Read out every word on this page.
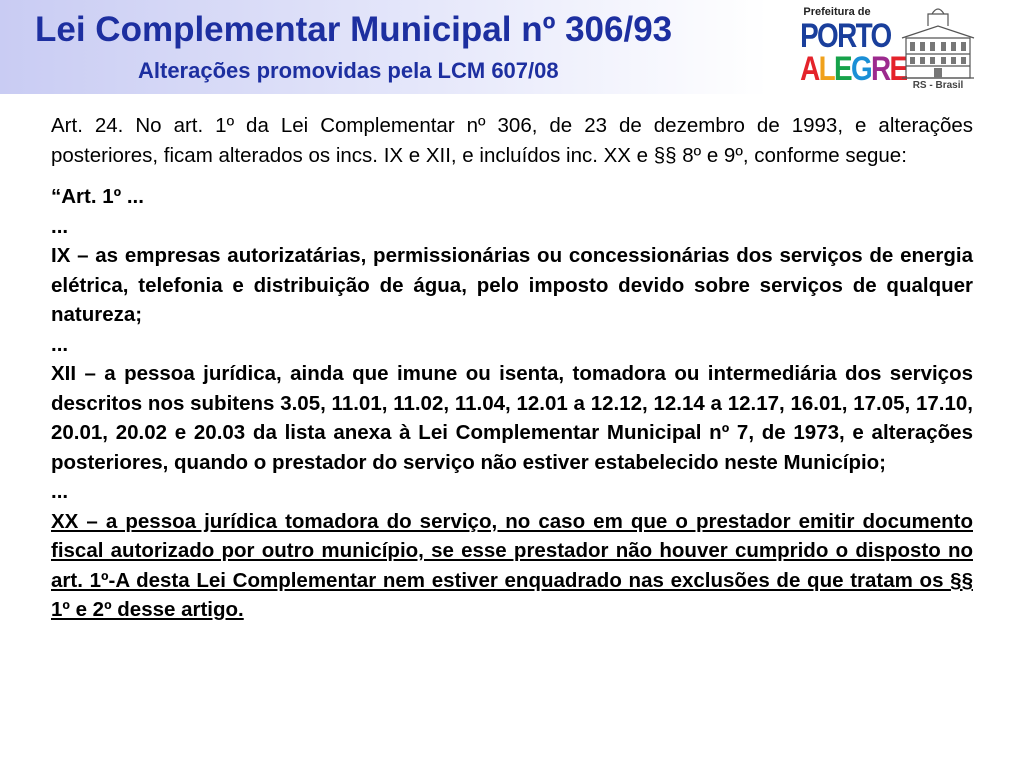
Lei Complementar Municipal nº 306/93
Alterações promovidas pela LCM 607/08
Prefeitura de
PORTO
ALEGRE RS - Brasil

Art. 24. No art. 1º da Lei Complementar nº 306, de 23 de dezembro de 1993, e alterações posteriores, ficam alterados os incs. IX e XII, e incluídos inc. XX e §§ 8º e 9º, conforme segue:

“Art. 1º ...

...

IX – as empresas autorizatárias, permissionárias ou concessionárias dos serviços de energia elétrica, telefonia e distribuição de água, pelo imposto devido sobre serviços de qualquer natureza;

...

XII – a pessoa jurídica, ainda que imune ou isenta, tomadora ou intermediária dos serviços descritos nos subitens 3.05, 11.01, 11.02, 11.04, 12.01 a 12.12, 12.14 a 12.17, 16.01, 17.05, 17.10, 20.01, 20.02 e 20.03 da lista anexa à Lei Complementar Municipal nº 7, de 1973, e alterações posteriores, quando o prestador do serviço não estiver estabelecido neste Município;

...

XX – a pessoa jurídica tomadora do serviço, no caso em que o prestador emitir documento fiscal autorizado por outro município, se esse prestador não houver cumprido o disposto no art. 1º-A desta Lei Complementar nem estiver enquadrado nas exclusões de que tratam os §§ 1º e 2º desse artigo.
